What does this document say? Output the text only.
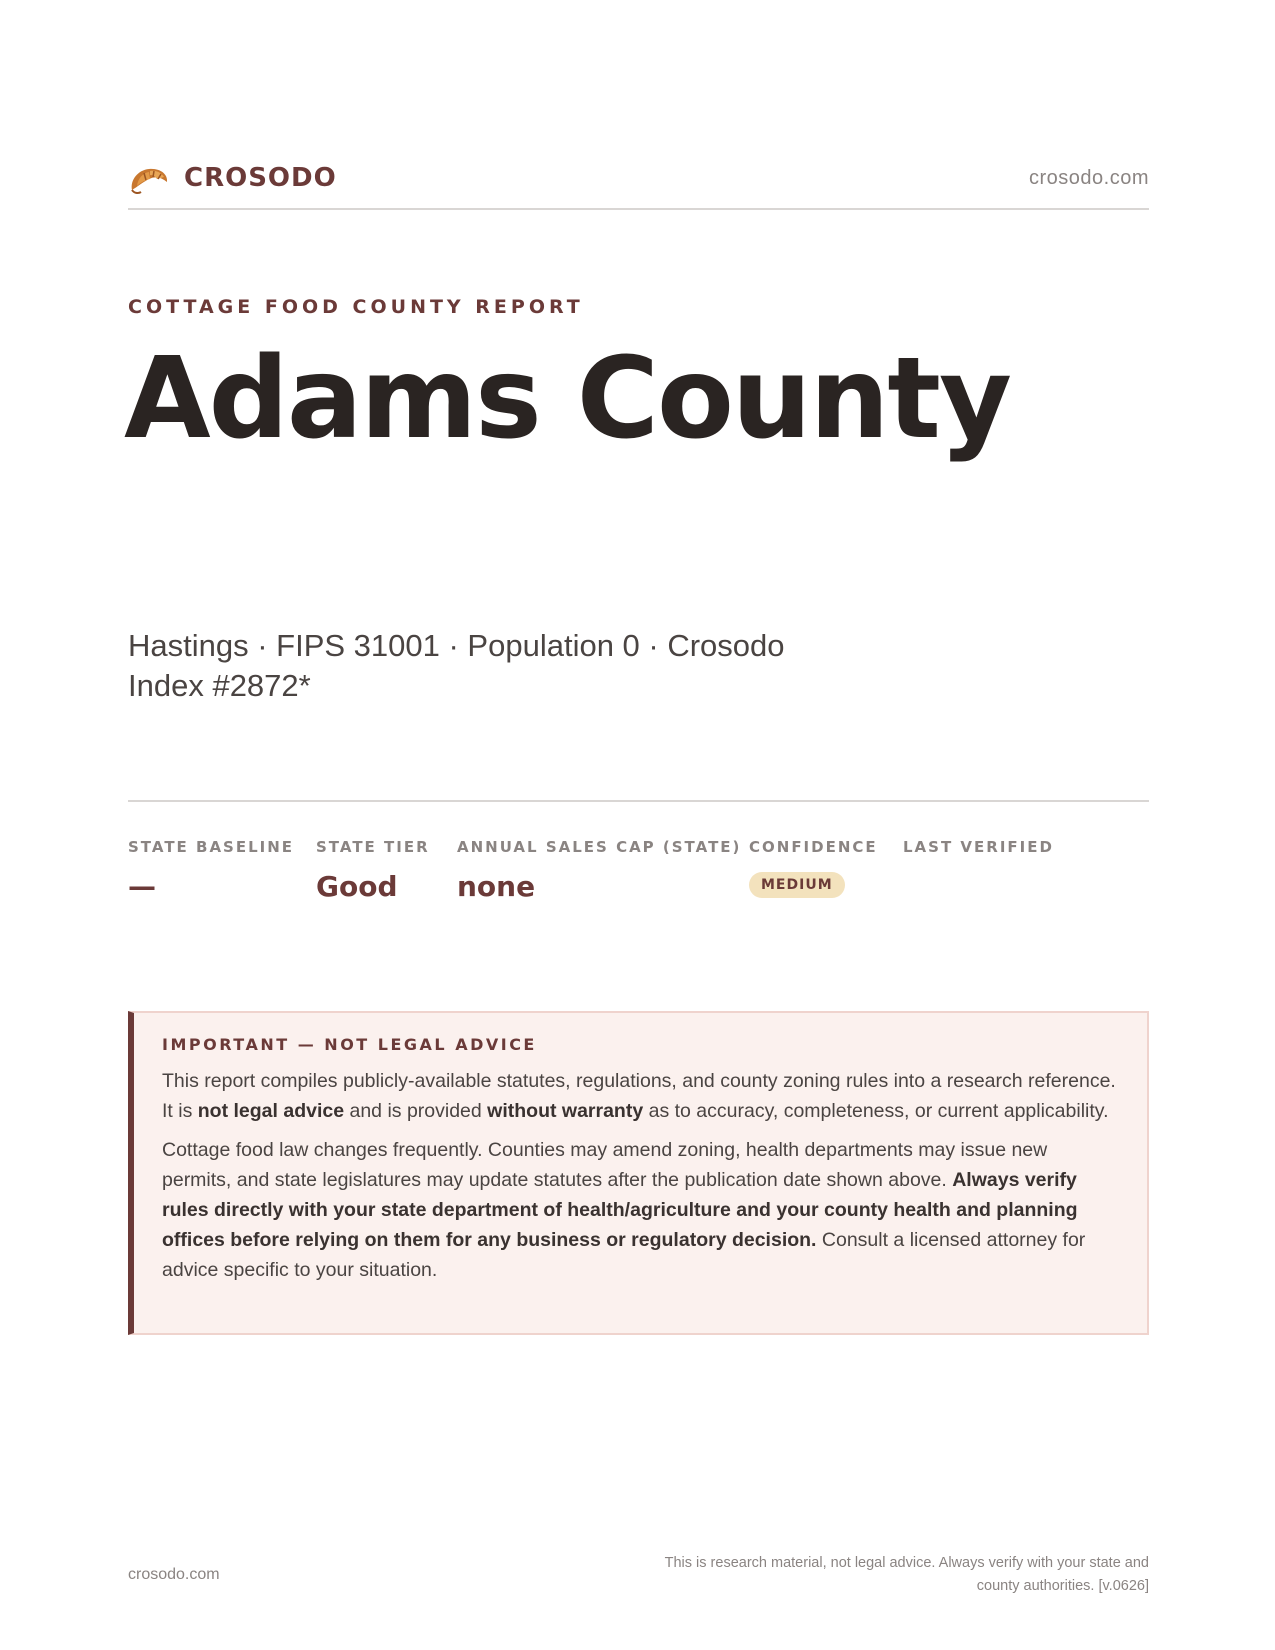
CROSODO	crosodo.com
COTTAGE FOOD COUNTY REPORT
Adams County
Hastings · FIPS 31001 · Population 0 · Crosodo Index #2872*
STATE BASELINE
—
STATE TIER
Good
ANNUAL SALES CAP (STATE)
none
CONFIDENCE
MEDIUM
LAST VERIFIED
IMPORTANT — NOT LEGAL ADVICE

This report compiles publicly-available statutes, regulations, and county zoning rules into a research reference. It is not legal advice and is provided without warranty as to accuracy, completeness, or current applicability.

Cottage food law changes frequently. Counties may amend zoning, health departments may issue new permits, and state legislatures may update statutes after the publication date shown above. Always verify rules directly with your state department of health/agriculture and your county health and planning offices before relying on them for any business or regulatory decision. Consult a licensed attorney for advice specific to your situation.

crosodo.com
This is research material, not legal advice. Always verify with your state and county authorities. [v.0626]
